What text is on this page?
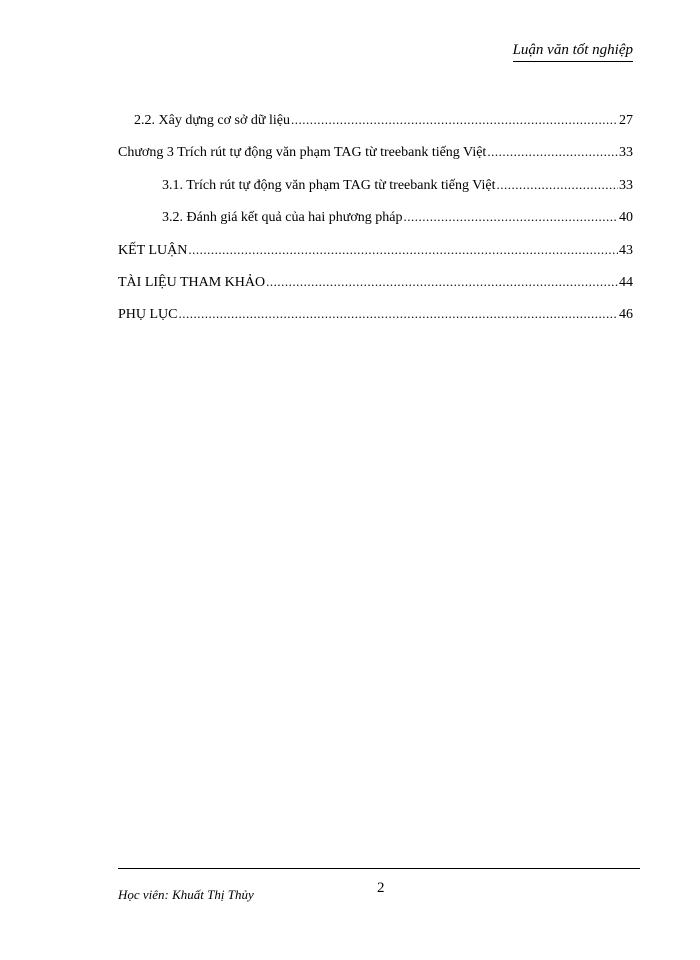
Luận văn tốt nghiệp
2.2. Xây dựng cơ sở dữ liệu .....	27
Chương 3 Trích rút tự động văn phạm TAG từ treebank tiếng Việt .....	33
3.1. Trích rút tự động văn phạm TAG từ treebank tiếng Việt .....	33
3.2. Đánh giá kết quả của hai phương pháp .....	40
KẾT LUẬN .....	43
TÀI LIỆU THAM KHẢO .....	44
PHỤ LỤC .....	46
Học viên: Khuất Thị Thủy	2
